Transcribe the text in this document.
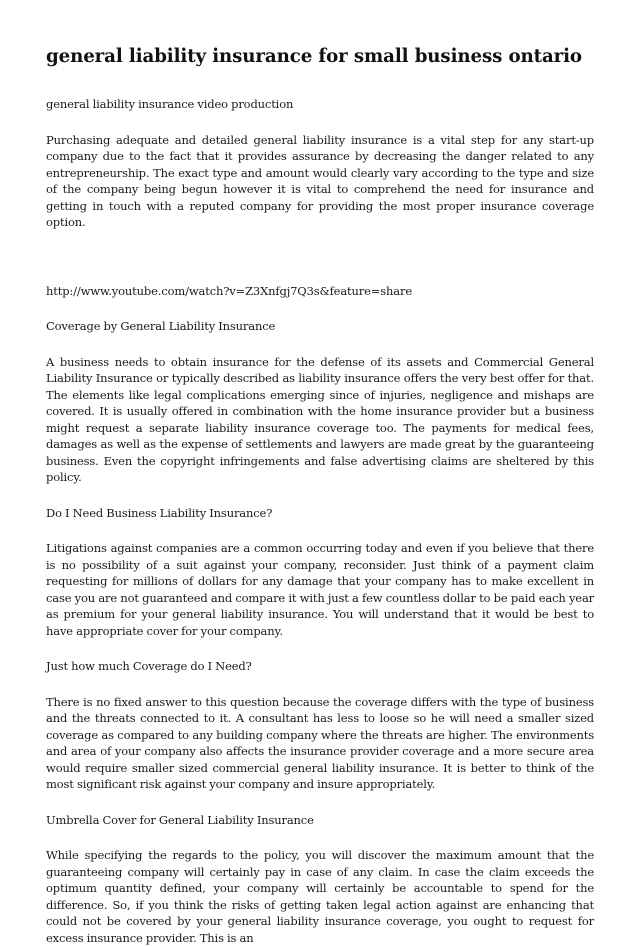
general liability insurance for small business ontario

general liability insurance video production

Purchasing adequate and detailed general liability insurance is a vital step for any start-up company due to the fact that it provides assurance by decreasing the danger related to any entrepreneurship. The exact type and amount would clearly vary according to the type and size of the company being begun however it is vital to comprehend the need for insurance and getting in touch with a reputed company for providing the most proper insurance coverage option.

http://www.youtube.com/watch?v=Z3Xnfgj7Q3s&feature=share

Coverage by General Liability Insurance

A business needs to obtain insurance for the defense of its assets and Commercial General Liability Insurance or typically described as liability insurance offers the very best offer for that. The elements like legal complications emerging since of injuries, negligence and mishaps are covered. It is usually offered in combination with the home insurance provider but a business might request a separate liability insurance coverage too. The payments for medical fees, damages as well as the expense of settlements and lawyers are made great by the guaranteeing business. Even the copyright infringements and false advertising claims are sheltered by this policy.

Do I Need Business Liability Insurance?

Litigations against companies are a common occurring today and even if you believe that there is no possibility of a suit against your company, reconsider. Just think of a payment claim requesting for millions of dollars for any damage that your company has to make excellent in case you are not guaranteed and compare it with just a few countless dollar to be paid each year as premium for your general liability insurance. You will understand that it would be best to have appropriate cover for your company.

Just how much Coverage do I Need?

There is no fixed answer to this question because the coverage differs with the type of business and the threats connected to it. A consultant has less to loose so he will need a smaller sized coverage as compared to any building company where the threats are higher. The environments and area of your company also affects the insurance provider coverage and a more secure area would require smaller sized commercial general liability insurance. It is better to think of the most significant risk against your company and insure appropriately.

Umbrella Cover for General Liability Insurance

While specifying the regards to the policy, you will discover the maximum amount that the guaranteeing company will certainly pay in case of any claim. In case the claim exceeds the optimum quantity defined, your company will certainly be accountable to spend for the difference. So, if you think the risks of getting taken legal action against are enhancing that could not be covered by your general liability insurance coverage, you ought to request for excess insurance provider. This is an
